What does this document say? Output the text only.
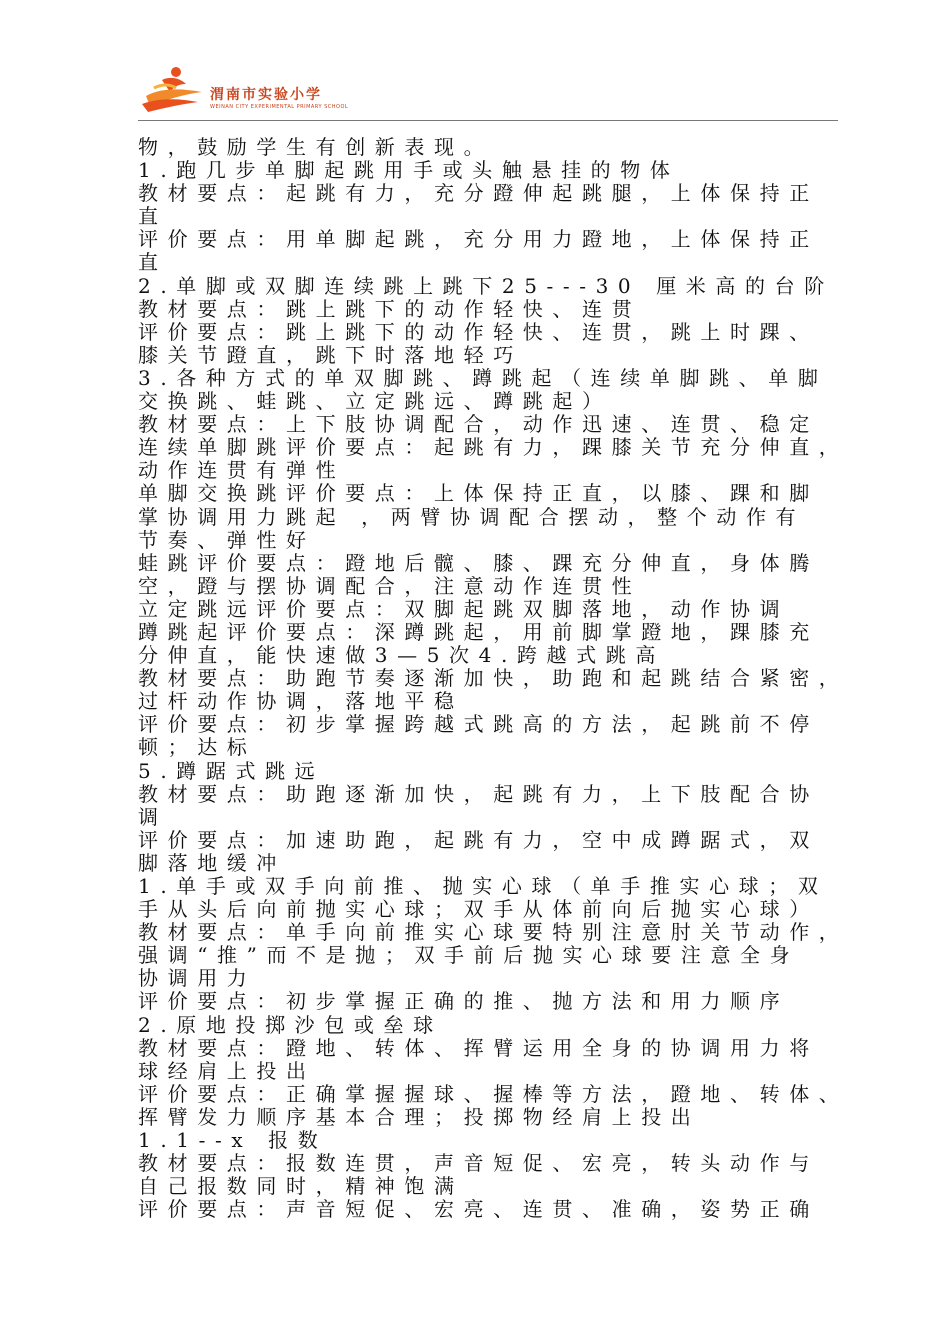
渭南市实验小学
WEINAN CITY EXPERIMENTAL PRIMARY SCHOOL
物，鼓励学生有创新表现。
1.跑几步单脚起跳用手或头触悬挂的物体
教材要点：起跳有力，充分蹬伸起跳腿，上体保持正
直
评价要点：用单脚起跳，充分用力蹬地，上体保持正
直
2.单脚或双脚连续跳上跳下25---30 厘米高的台阶
教材要点：跳上跳下的动作轻快、连贯
评价要点：跳上跳下的动作轻快、连贯，跳上时踝、
膝关节蹬直，跳下时落地轻巧
3.各种方式的单双脚跳、蹲跳起（连续单脚跳、单脚
交换跳、蛙跳、立定跳远、蹲跳起）
教材要点：上下肢协调配合，动作迅速、连贯、稳定
连续单脚跳评价要点：起跳有力，踝膝关节充分伸直，
动作连贯有弹性
单脚交换跳评价要点：上体保持正直，以膝、踝和脚
掌协调用力跳起 ，两臂协调配合摆动，整个动作有
节奏、弹性好
蛙跳评价要点：蹬地后髋、膝、踝充分伸直，身体腾
空，蹬与摆协调配合，注意动作连贯性
立定跳远评价要点：双脚起跳双脚落地，动作协调
蹲跳起评价要点：深蹲跳起，用前脚掌蹬地，踝膝充
分伸直，能快速做3—5次4.跨越式跳高
教材要点：助跑节奏逐渐加快，助跑和起跳结合紧密，
过杆动作协调，落地平稳
评价要点：初步掌握跨越式跳高的方法，起跳前不停
顿；达标
5.蹲踞式跳远
教材要点：助跑逐渐加快，起跳有力，上下肢配合协
调
评价要点：加速助跑，起跳有力，空中成蹲踞式，双
脚落地缓冲
1.单手或双手向前推、抛实心球（单手推实心球；双
手从头后向前抛实心球；双手从体前向后抛实心球）
教材要点：单手向前推实心球要特别注意肘关节动作，
强调“推”而不是抛；双手前后抛实心球要注意全身
协调用力
评价要点：初步掌握正确的推、抛方法和用力顺序
2.原地投掷沙包或垒球
教材要点：蹬地、转体、挥臂运用全身的协调用力将
球经肩上投出
评价要点：正确掌握握球、握棒等方法，蹬地、转体、
挥臂发力顺序基本合理；投掷物经肩上投出
1.1--x 报数
教材要点：报数连贯，声音短促、宏亮，转头动作与
自己报数同时，精神饱满
评价要点：声音短促、宏亮、连贯、准确，姿势正确
